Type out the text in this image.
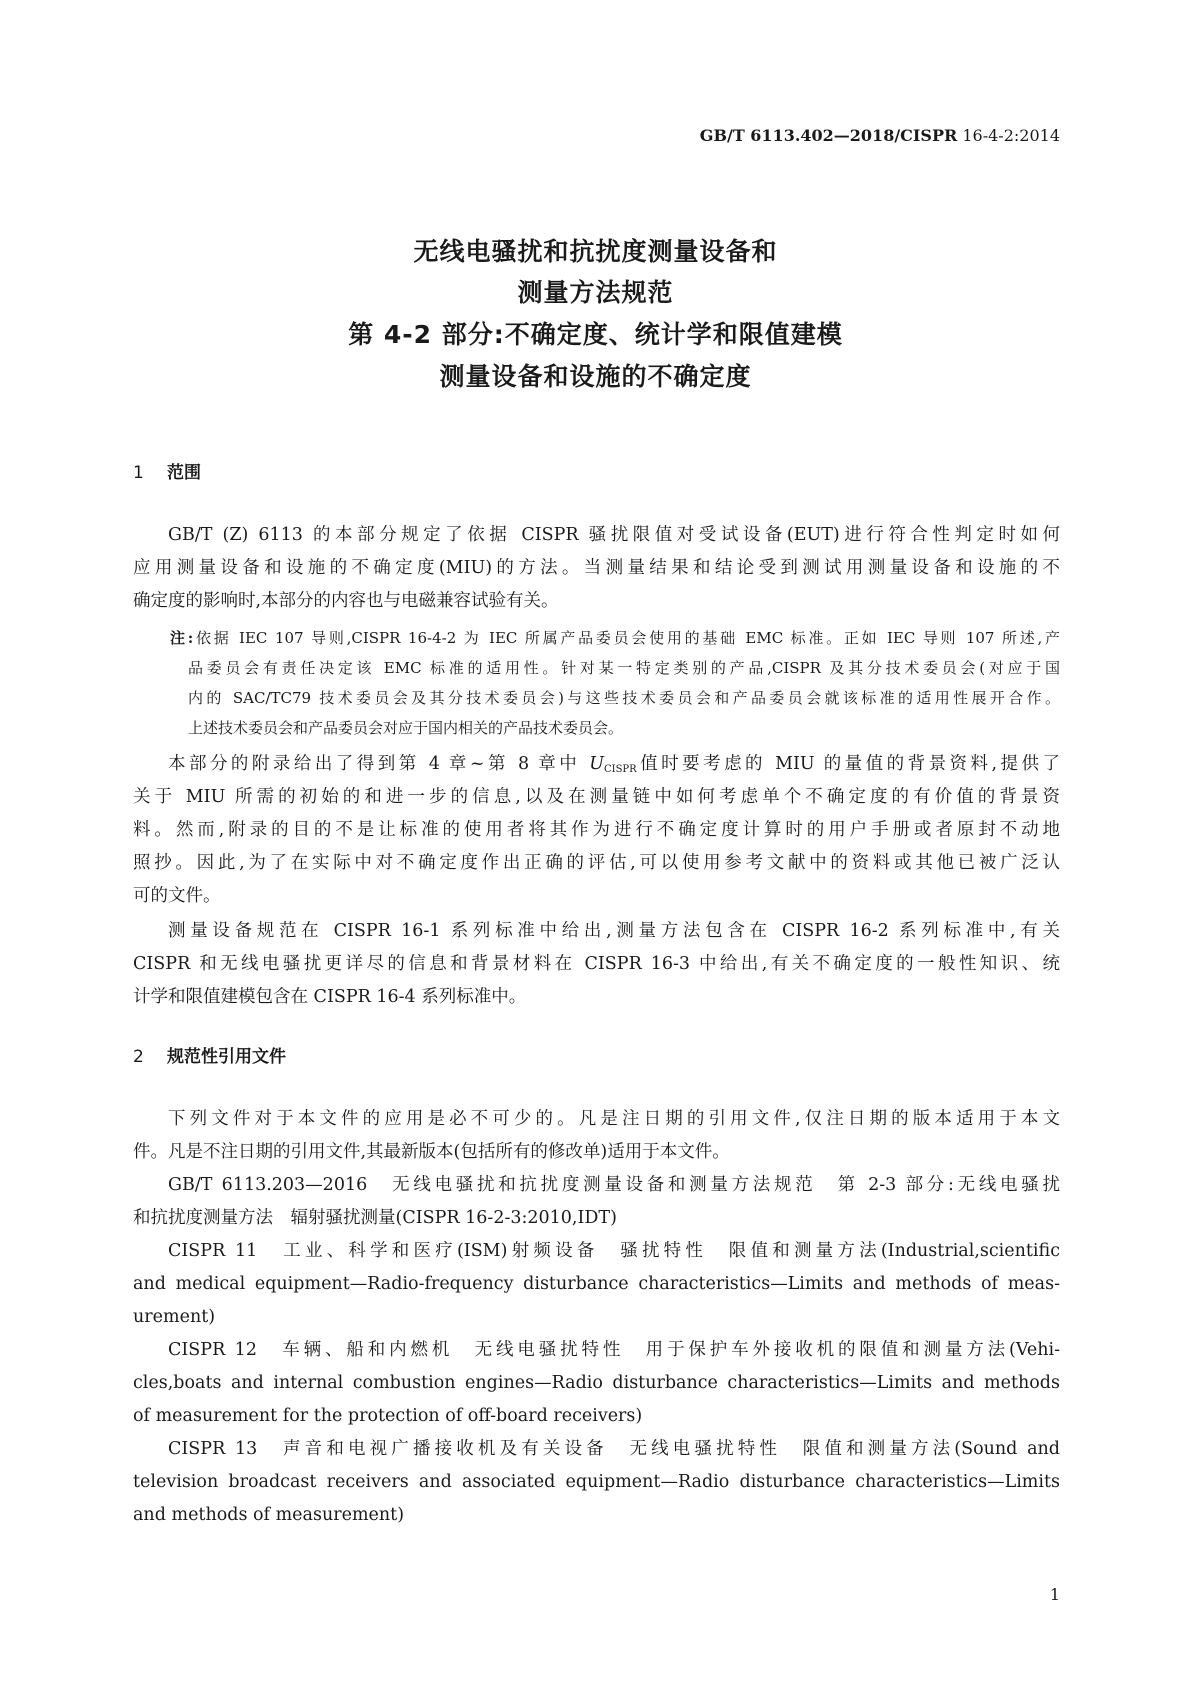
GB/T 6113.402—2018/CISPR 16-4-2:2014
无线电骚扰和抗扰度测量设备和
测量方法规范
第 4-2 部分:不确定度、统计学和限值建模
测量设备和设施的不确定度
1 范围
GB/T (Z) 6113 的本部分规定了依据 CISPR 骚扰限值对受试设备(EUT)进行符合性判定时如何
应用测量设备和设施的不确定度(MIU)的方法。当测量结果和结论受到测试用测量设备和设施的不
确定度的影响时,本部分的内容也与电磁兼容试验有关。
注:依据 IEC 107 导则,CISPR 16-4-2 为 IEC 所属产品委员会使用的基础 EMC 标准。正如 IEC 导则 107 所述,产
品委员会有责任决定该 EMC 标准的适用性。针对某一特定类别的产品,CISPR 及其分技术委员会(对应于国
内的 SAC/TC79 技术委员会及其分技术委员会)与这些技术委员会和产品委员会就该标准的适用性展开合作。
上述技术委员会和产品委员会对应于国内相关的产品技术委员会。
本部分的附录给出了得到第 4 章~第 8 章中 $U_{CISPR}$值时要考虑的 MIU 的量值的背景资料,提供了
关于 MIU 所需的初始的和进一步的信息,以及在测量链中如何考虑单个不确定度的有价值的背景资
料。然而,附录的目的不是让标准的使用者将其作为进行不确定度计算时的用户手册或者原封不动地
照抄。因此,为了在实际中对不确定度作出正确的评估,可以使用参考文献中的资料或其他已被广泛认
可的文件。
测量设备规范在 CISPR 16-1 系列标准中给出,测量方法包含在 CISPR 16-2 系列标准中,有关
CISPR 和无线电骚扰更详尽的信息和背景材料在 CISPR 16-3 中给出,有关不确定度的一般性知识、统
计学和限值建模包含在 CISPR 16-4 系列标准中。
2 规范性引用文件
下列文件对于本文件的应用是必不可少的。凡是注日期的引用文件,仅注日期的版本适用于本文
件。凡是不注日期的引用文件,其最新版本(包括所有的修改单)适用于本文件。
GB/T 6113.203—2016　无线电骚扰和抗扰度测量设备和测量方法规范　第 2-3 部分:无线电骚扰
和抗扰度测量方法　辐射骚扰测量(CISPR 16-2-3:2010,IDT)
CISPR 11　工业、科学和医疗(ISM)射频设备　骚扰特性　限值和测量方法(Industrial,scientific
and medical equipment—Radio-frequency disturbance characteristics—Limits and methods of meas-
urement)
CISPR 12　车辆、船和内燃机　无线电骚扰特性　用于保护车外接收机的限值和测量方法(Vehi-
cles,boats and internal combustion engines—Radio disturbance characteristics—Limits and methods
of measurement for the protection of off-board receivers)
CISPR 13　声音和电视广播接收机及有关设备　无线电骚扰特性　限值和测量方法(Sound and
television broadcast receivers and associated equipment—Radio disturbance characteristics—Limits
and methods of measurement)
1
